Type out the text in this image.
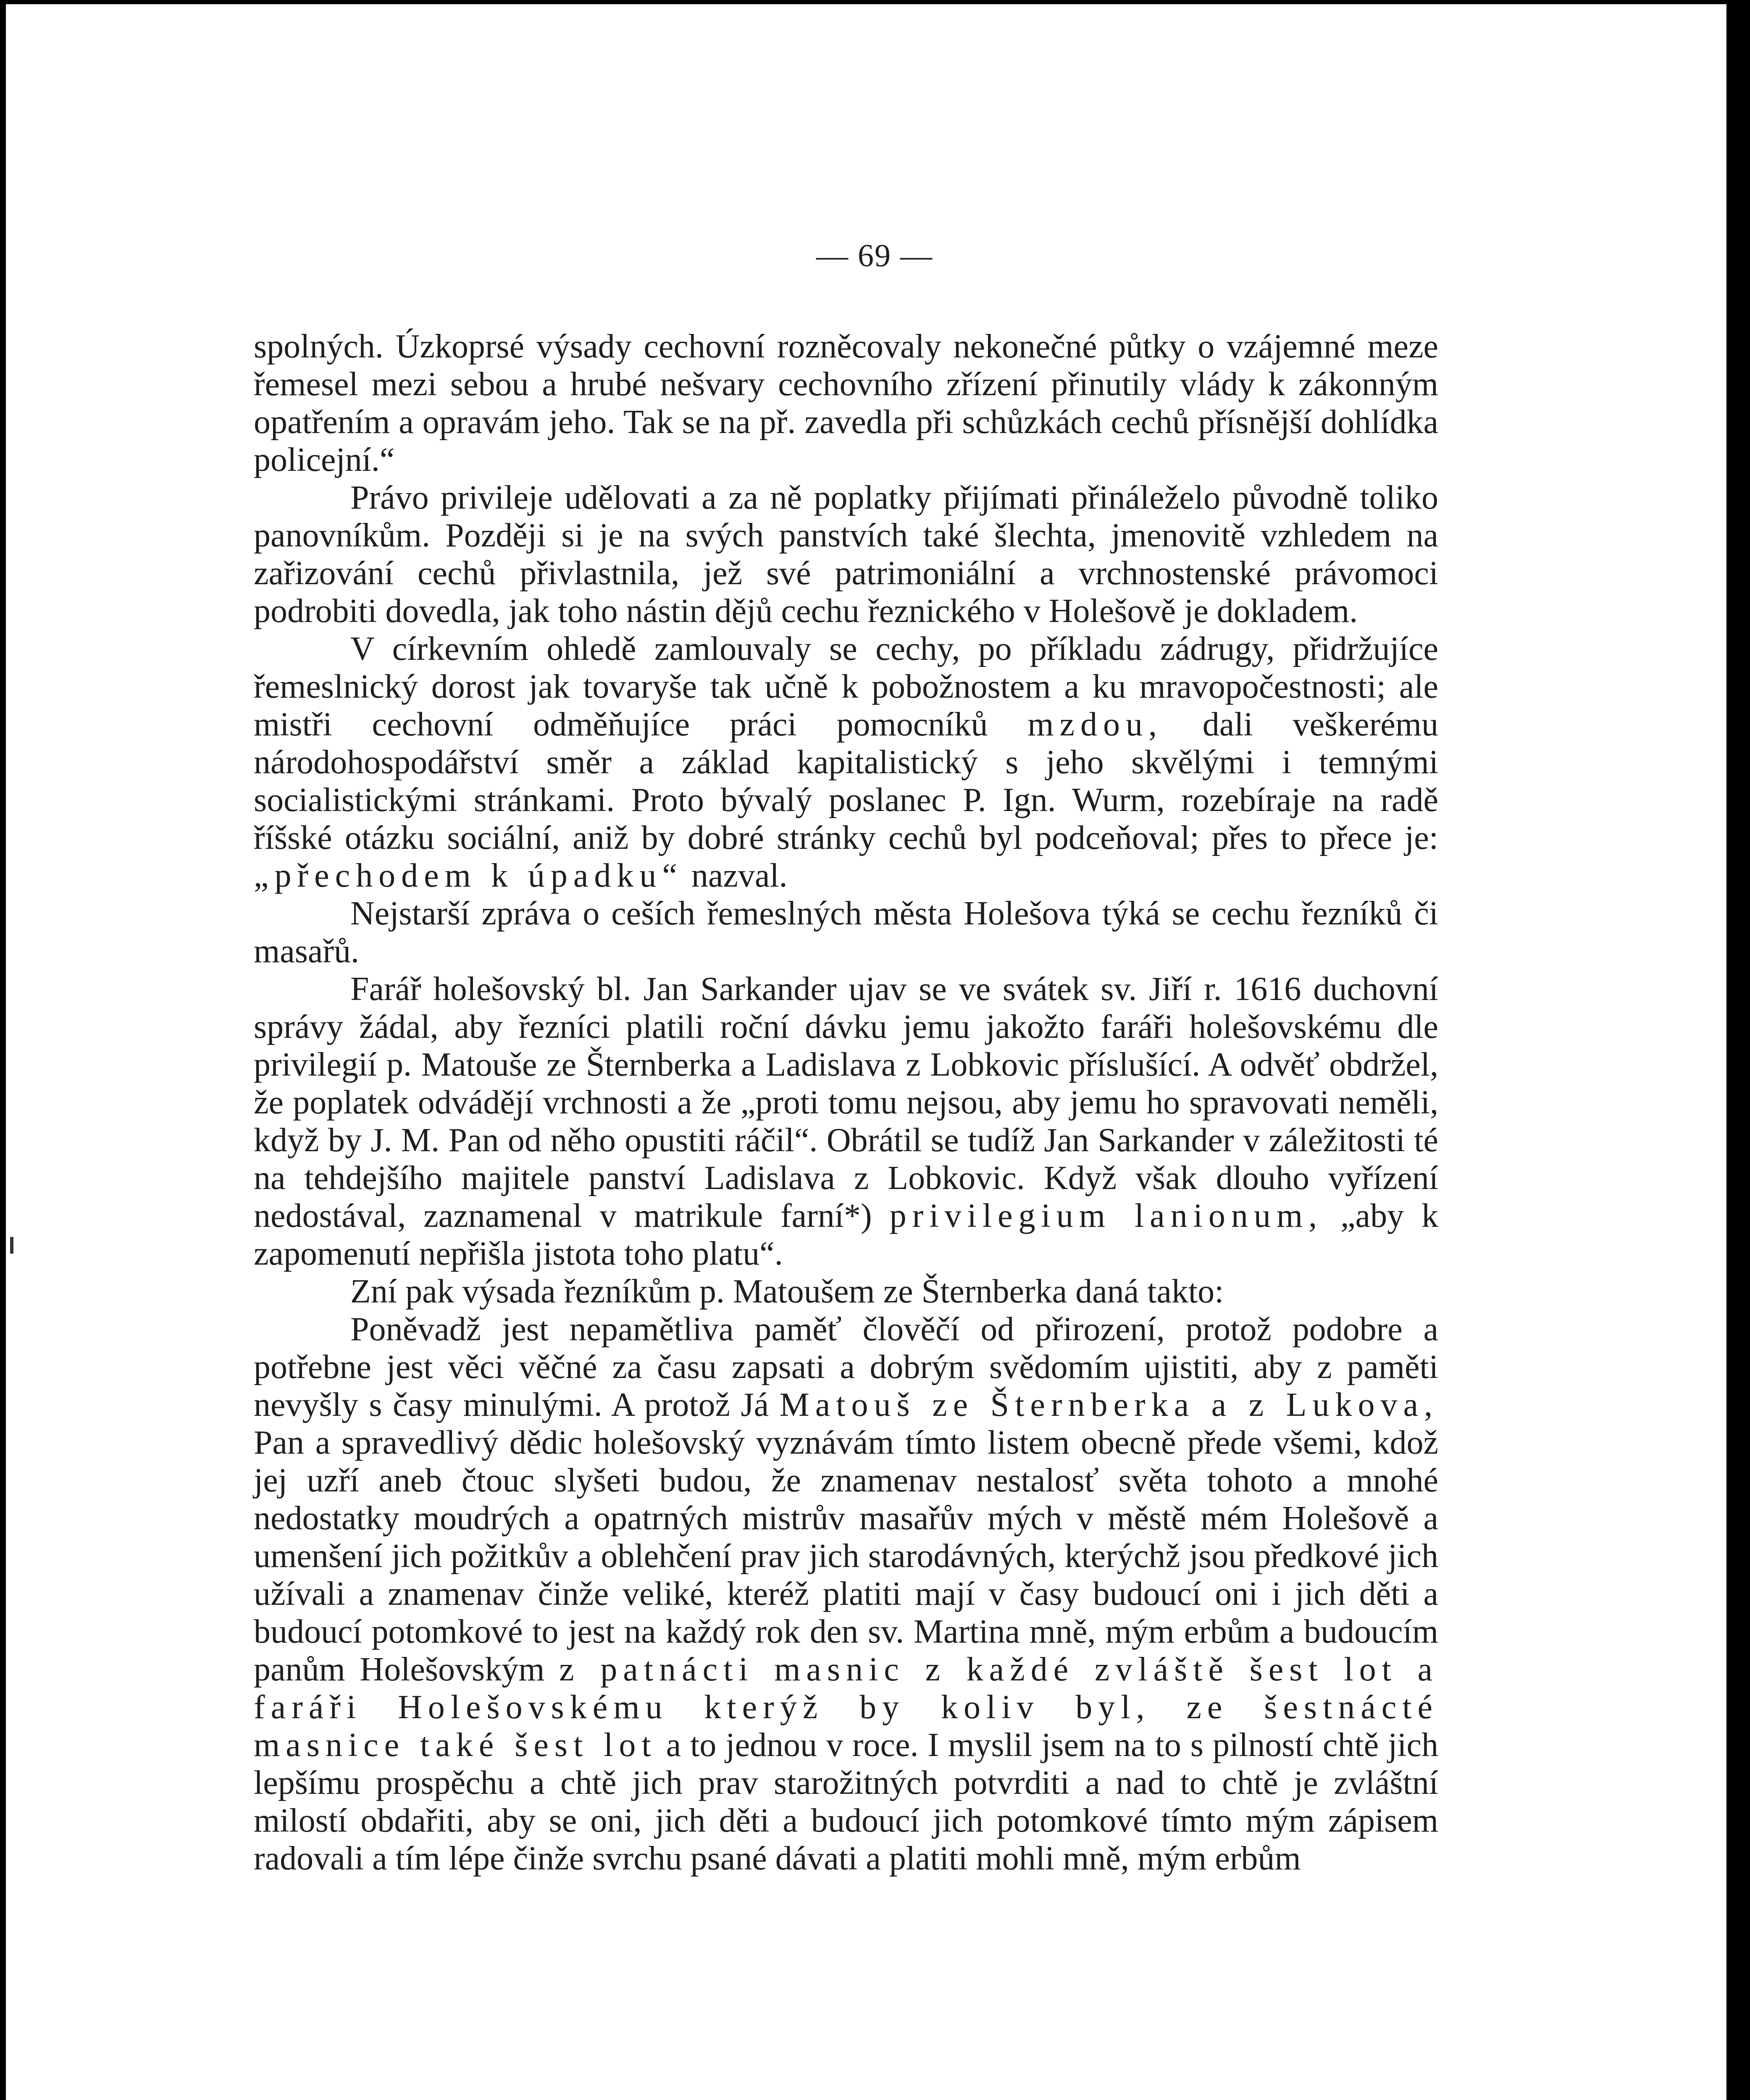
— 69 —

spolných. Úzkoprsé výsady cechovní rozněcovaly nekonečné půtky o vzájemné meze řemesel mezi sebou a hrubé nešvary cechovního zřízení přinutily vlády k zákonným opatřením a opravám jeho. Tak se na př. zavedla při schůzkách cechů přísnější dohlídka policejní.“

Právo privileje udělovati a za ně poplatky přijímati přináleželo původně toliko panovníkům. Později si je na svých panstvích také šlechta, jmenovitě vzhledem na zařizování cechů přivlastnila, jež své patrimoniální a vrchnostenské právomoci podrobiti dovedla, jak toho nástin dějů cechu řeznického v Holešově je dokladem.

V církevním ohledě zamlouvaly se cechy, po příkladu zádrugy, přidržujíce řemeslnický dorost jak tovaryše tak učně k pobožnostem a ku mravopočestnosti; ale mistři cechovní odměňujíce práci pomocníků mzdou, dali veškerému národohospodářství směr a základ kapitalistický s jeho skvělými i temnými socialistickými stránkami. Proto bývalý poslanec P. Ign. Wurm, rozebíraje na radě říšské otázku sociální, aniž by dobré stránky cechů byl podceňoval; přes to přece je: „přechodem k úpadku“ nazval.

Nejstarší zpráva o ceších řemeslných města Holešova týká se cechu řezníků či masařů.

Farář holešovský bl. Jan Sarkander ujav se ve svátek sv. Jiří r. 1616 duchovní správy žádal, aby řezníci platili roční dávku jemu jakožto faráři holešovskému dle privilegií p. Matouše ze Šternberka a Ladislava z Lobkovic příslušící. A odvěť obdržel, že poplatek odvádějí vrchnosti a že „proti tomu nejsou, aby jemu ho spravovati neměli, když by J. M. Pan od něho opustiti ráčil“. Obrátil se tudíž Jan Sarkander v záležitosti té na tehdejšího majitele panství Ladislava z Lobkovic. Když však dlouho vyřízení nedostával, zaznamenal v matrikule farní*) privilegium lanionum, „aby k zapomenutí nepřišla jistota toho platu“.

Zní pak výsada řezníkům p. Matoušem ze Šternberka daná takto:

Poněvadž jest nepamětliva paměť člověčí od přirození, protož podobre a potřebne jest věci věčné za času zapsati a dobrým svědomím ujistiti, aby z paměti nevyšly s časy minulými. A protož Já Matouš ze Šternberka a z Lukova, Pan a spravedlivý dědic holešovský vyznávám tímto listem obecně přede všemi, kdož jej uzří aneb čtouc slyšeti budou, že znamenav nestalosť světa tohoto a mnohé nedostatky moudrých a opatrných mistrův masařův mých v městě mém Holešově a umenšení jich požitkův a oblehčení prav jich starodávných, kterýchž jsou předkové jich užívali a znamenav činže veliké, kteréž platiti mají v časy budoucí oni i jich děti a budoucí potomkové to jest na každý rok den sv. Martina mně, mým erbům a budoucím panům Holešovským z patnácti masnic z každé zvláště šest lot a faráři Holešovskému kterýž by koliv byl, ze šestnácté masnice také šest lot a to jednou v roce. I myslil jsem na to s pilností chtě jich lepšímu prospěchu a chtě jich prav starožitných potvrditi a nad to chtě je zvláštní milostí obdařiti, aby se oni, jich děti a budoucí jich potomkové tímto mým zápisem radovali a tím lépe činže svrchu psané dávati a platiti mohli mně, mým erbům
